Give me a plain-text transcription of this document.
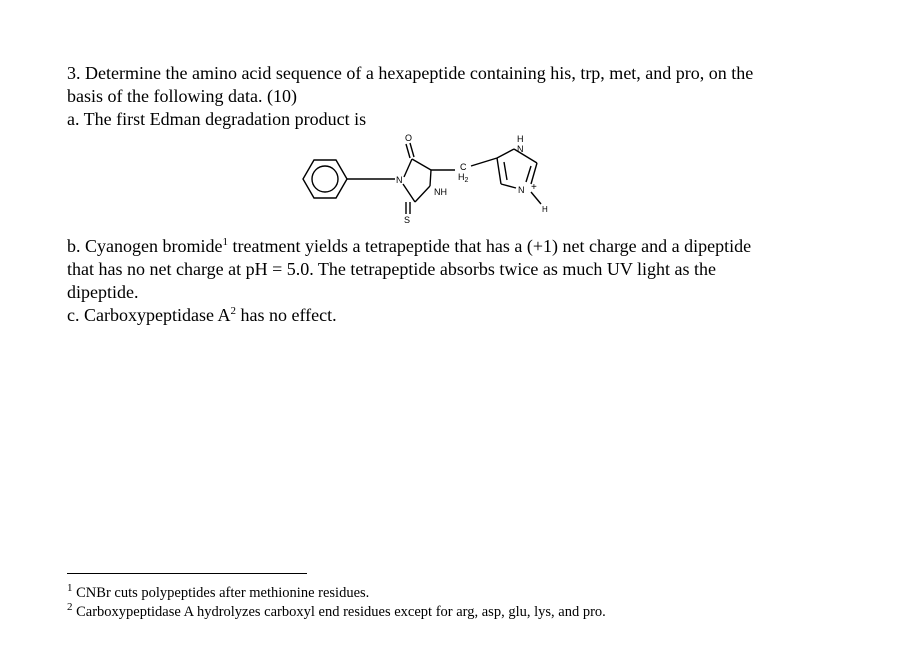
3. Determine the amino acid sequence of a hexapeptide containing his, trp, met, and pro, on the
basis of the following data. (10)
a. The first Edman degradation product is
O
S
N
NH
C
$H_2$
H
N
N +
H
b. Cyanogen bromide$^1$ treatment yields a tetrapeptide that has a (+1) net charge and a dipeptide
that has no net charge at pH = 5.0. The tetrapeptide absorbs twice as much UV light as the
dipeptide.
c. Carboxypeptidase $A^2$ has no effect.
$^1$ CNBr cuts polypeptides after methionine residues.
$^2$ Carboxypeptidase A hydrolyzes carboxyl end residues except for arg, asp, glu, lys, and pro.
